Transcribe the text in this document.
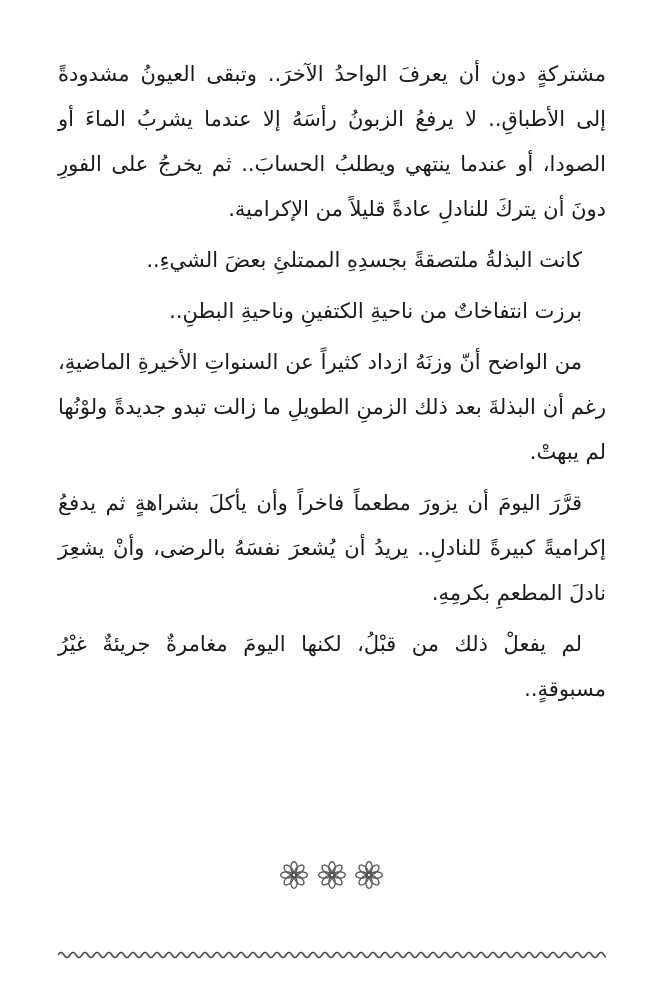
مشتركةٍ دون أن يعرفَ الواحدُ الآخرَ.. وتبقى العيونُ مشدودةً إلى الأطباقِ.. لا يرفعُ الزبونُ رأسَهُ إلا عندما يشربُ الماءَ أو الصودا، أو عندما ينتهي ويطلبُ الحسابَ.. ثم يخرجُ على الفورِ دونَ أن يتركَ للنادلِ عادةً قليلاً من الإكرامية.

كانت البذلةُ ملتصقةً بجسدِهِ الممتلئِ بعضَ الشيءِ..

برزت انتفاخاتٌ من ناحيةِ الكتفينِ وناحيةِ البطنِ..

من الواضح أنّ وزنَهُ ازداد كثيراً عن السنواتِ الأخيرةِ الماضيةِ، رغم أن البذلةَ بعد ذلك الزمنِ الطويلِ ما زالت تبدو جديدةً ولوْنُها لم يبهتْ.

قرَّرَ اليومَ أن يزورَ مطعماً فاخراً وأن يأكلَ بشراهةٍ ثم يدفعُ إكراميةً كبيرةً للنادلِ.. يريدُ أن يُشعرَ نفسَهُ بالرضى، وأنْ يشعِرَ نادلَ المطعمِ بكرمِهِ.

لم يفعلْ ذلك من قبْلُ، لكنها اليومَ مغامرةٌ جريئةٌ غيْرُ مسبوقةٍ..
